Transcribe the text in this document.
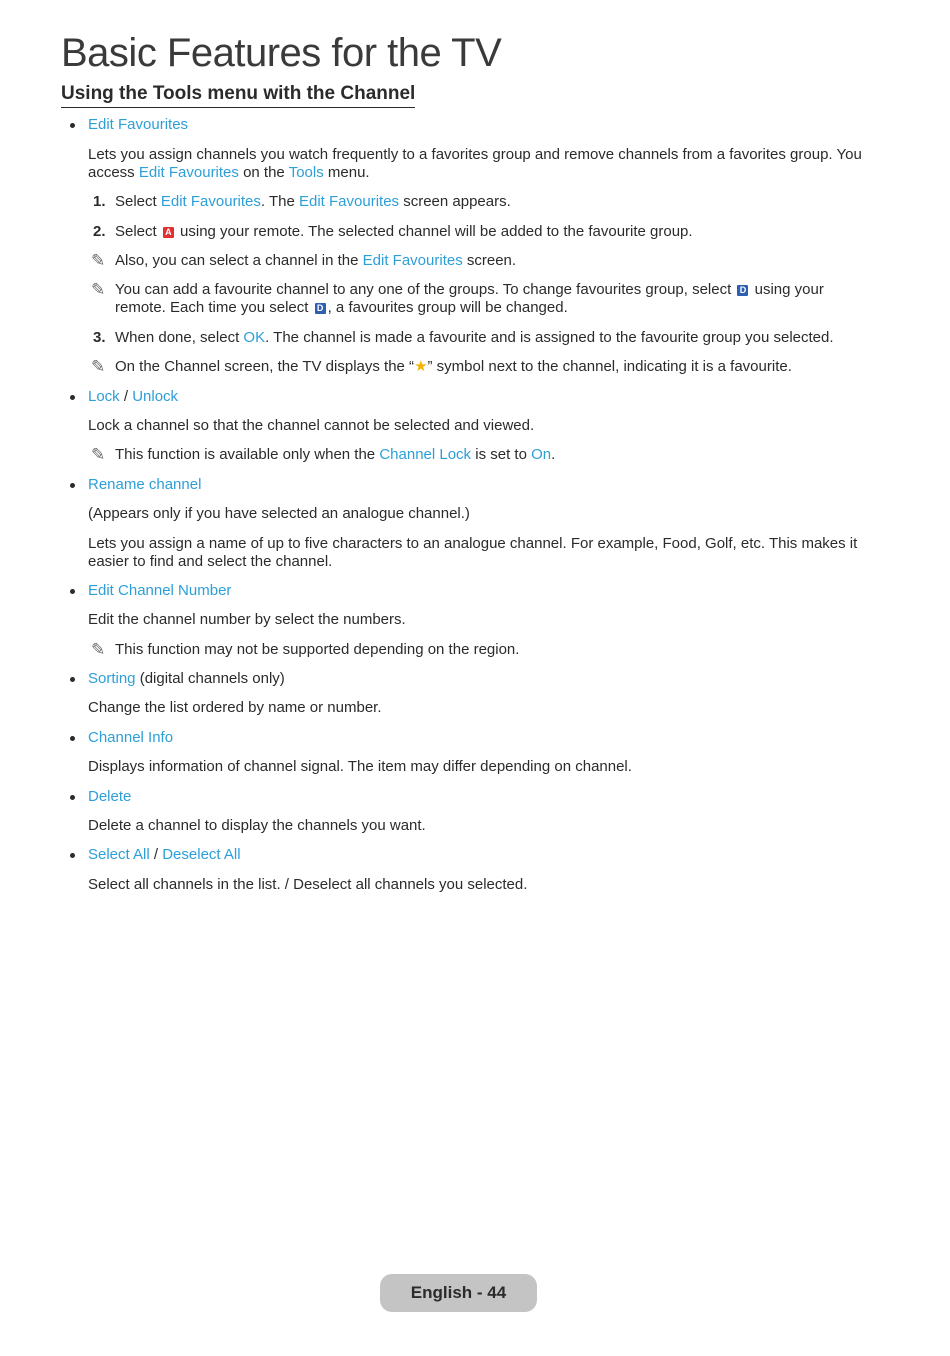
Basic Features for the TV
Using the Tools menu with the Channel
Edit Favourites
Lets you assign channels you watch frequently to a favorites group and remove channels from a favorites group. You
access Edit Favourites on the Tools menu.
1. Select Edit Favourites. The Edit Favourites screen appears.
2. Select A using your remote. The selected channel will be added to the favourite group.
✎ Also, you can select a channel in the Edit Favourites screen.
✎ You can add a favourite channel to any one of the groups. To change favourites group, select D using your
remote. Each time you select D , a favourites group will be changed.
3. When done, select OK. The channel is made a favourite and is assigned to the favourite group you selected.
✎ On the Channel screen, the TV displays the “★” symbol next to the channel, indicating it is a favourite.
Lock / Unlock
Lock a channel so that the channel cannot be selected and viewed.
✎ This function is available only when the Channel Lock is set to On.
Rename channel
(Appears only if you have selected an analogue channel.)
Lets you assign a name of up to five characters to an analogue channel. For example, Food, Golf, etc. This makes it
easier to find and select the channel.
Edit Channel Number
Edit the channel number by select the numbers.
✎ This function may not be supported depending on the region.
Sorting (digital channels only)
Change the list ordered by name or number.
Channel Info
Displays information of channel signal. The item may differ depending on channel.
Delete
Delete a channel to display the channels you want.
Select All / Deselect All
Select all channels in the list. / Deselect all channels you selected.
English - 44
